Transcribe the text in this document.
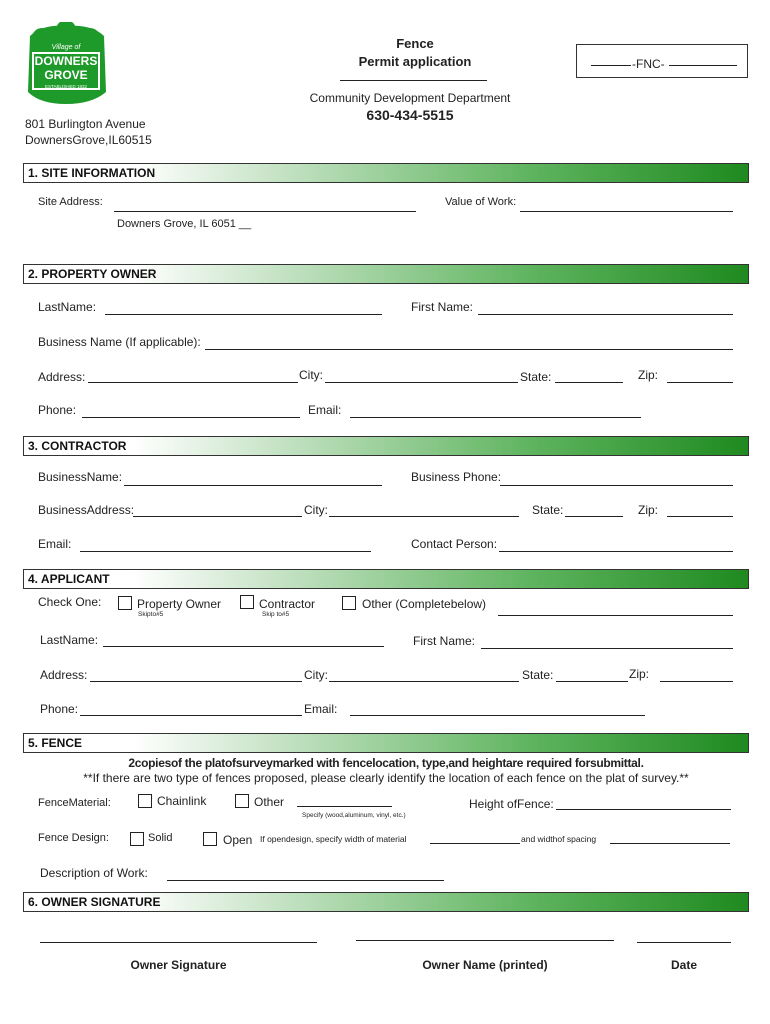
Village of
DOWNERS
GROVE
ESTABLISHED 1832
Fence
Permit application
Community Development Department
630-434-5515
801 Burlington Avenue
DownersGrove,IL60515
-FNC-
1. SITE INFORMATION
Site Address:	Value of Work:
Downers Grove, IL 6051 __
2. PROPERTY OWNER
LastName:	First Name:
Business Name (If applicable):
Address:	City:	State:	Zip:
Phone:	Email:
3. CONTRACTOR
BusinessName:	Business Phone:
BusinessAddress:	City:	State:	Zip:
Email:	Contact Person:
4. APPLICANT
Check One:	Property Owner
Skipto#5
Contractor
Skip to#5
Other (Completebelow)
LastName:	First Name:
Address:	City:	State:	Zip:
Phone:	Email:
5. FENCE
2copiesof the platofsurveymarked with fencelocation, type,and heightare required forsubmittal.
**If there are two type of fences proposed, please clearly identify the location of each fence on the plat of survey.**
FenceMaterial:	Chainlink	Other
Specify (wood,aluminum, vinyl, etc.)
Height ofFence:
Fence Design:	Solid	Open If opendesign, specify width of material	and widthof spacing
Description of Work:
6. OWNER SIGNATURE
Owner Signature	Owner Name (printed)	Date
